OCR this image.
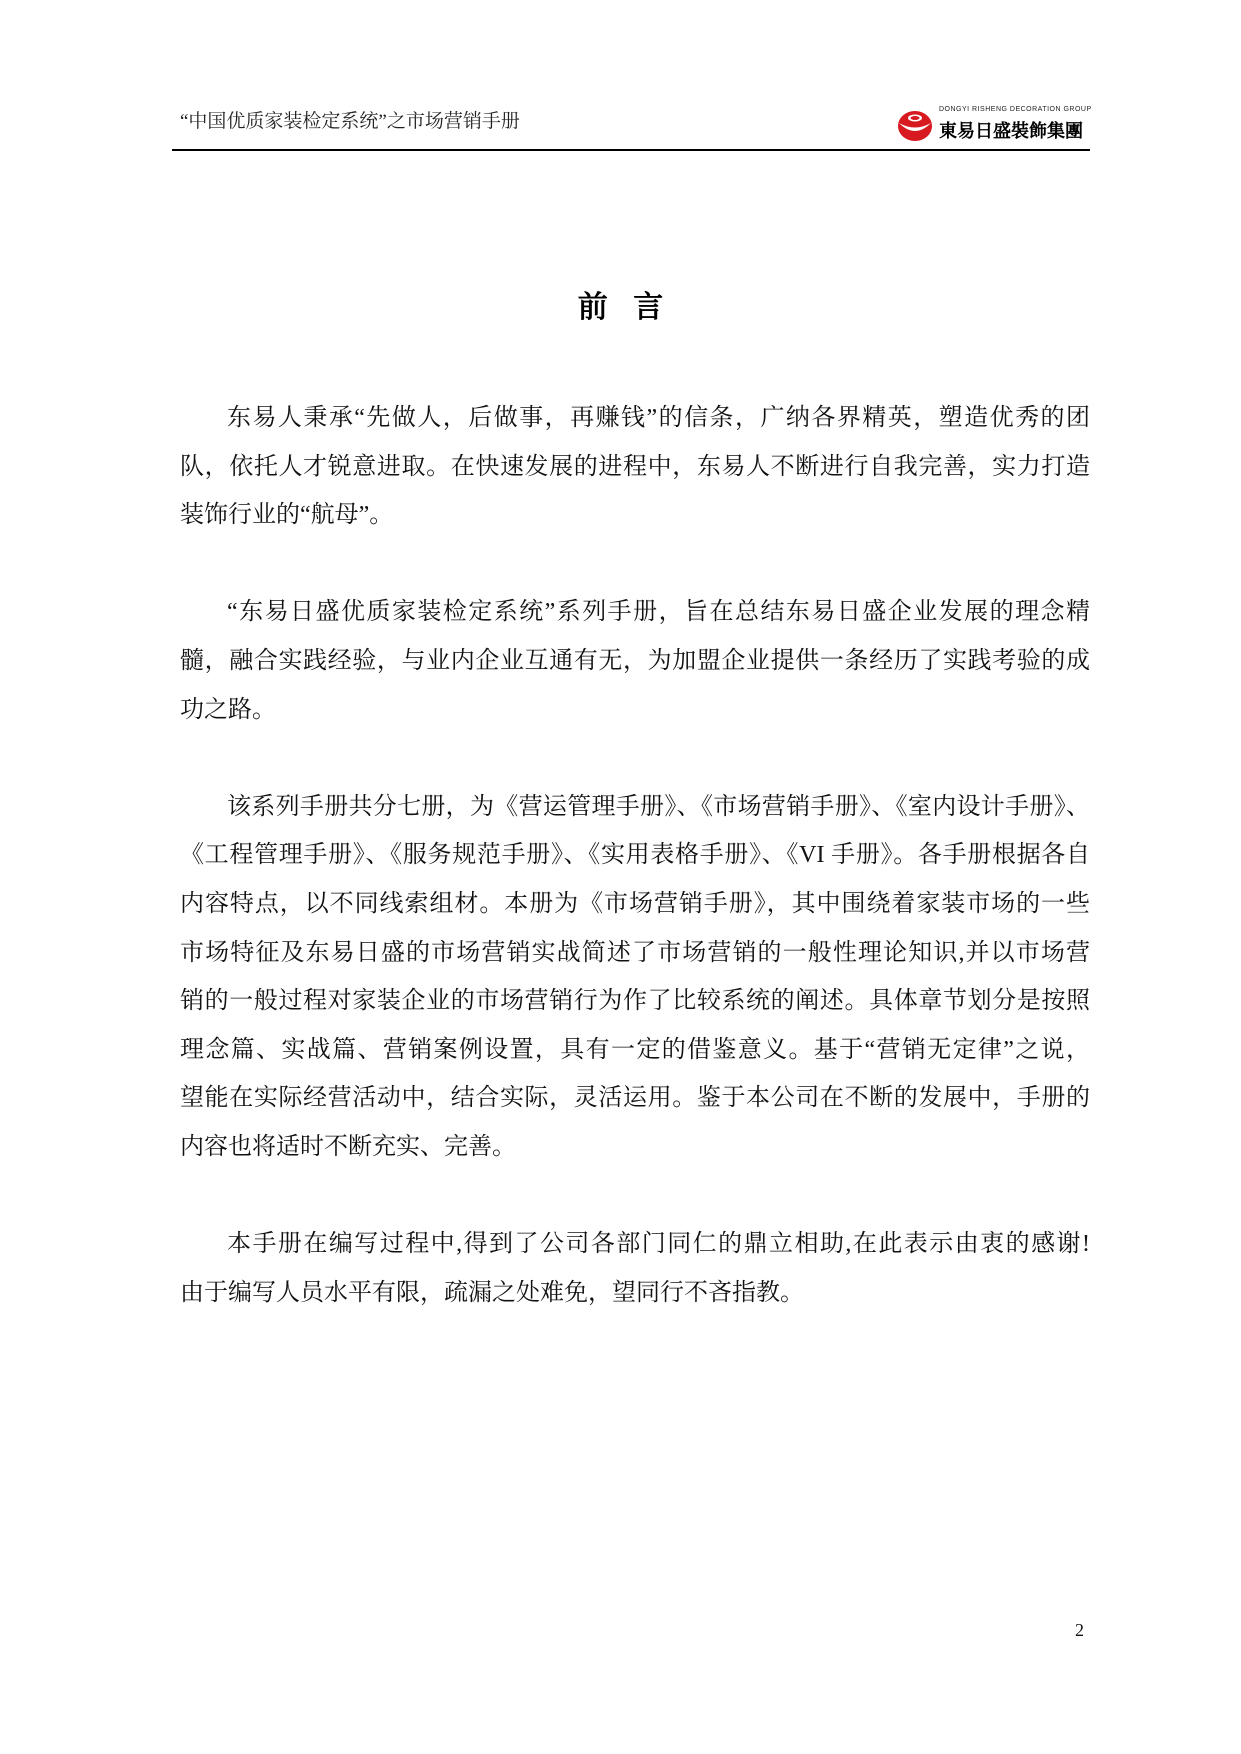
“中国优质家装检定系统”之市场营销手册
DONGYI RISHENG DECORATION GROUP
東易日盛裝飾集團
前 言
东易人秉承“先做人，后做事，再赚钱”的信条，广纳各界精英，塑造优秀的团
队，依托人才锐意进取。在快速发展的进程中，东易人不断进行自我完善，实力打造
装饰行业的“航母”。
“东易日盛优质家装检定系统”系列手册，旨在总结东易日盛企业发展的理念精
髓，融合实践经验，与业内企业互通有无，为加盟企业提供一条经历了实践考验的成
功之路。
该系列手册共分七册，为《营运管理手册》、《市场营销手册》、《室内设计手册》、
《工程管理手册》、《服务规范手册》、《实用表格手册》、《VI 手册》。各手册根据各自
内容特点，以不同线索组材。本册为《市场营销手册》，其中围绕着家装市场的一些
市场特征及东易日盛的市场营销实战简述了市场营销的一般性理论知识,并以市场营
销的一般过程对家装企业的市场营销行为作了比较系统的阐述。具体章节划分是按照
理念篇、实战篇、营销案例设置，具有一定的借鉴意义。基于“营销无定律”之说，
望能在实际经营活动中，结合实际，灵活运用。鉴于本公司在不断的发展中，手册的
内容也将适时不断充实、完善。
本手册在编写过程中,得到了公司各部门同仁的鼎立相助,在此表示由衷的感谢!
由于编写人员水平有限，疏漏之处难免，望同行不吝指教。
2
